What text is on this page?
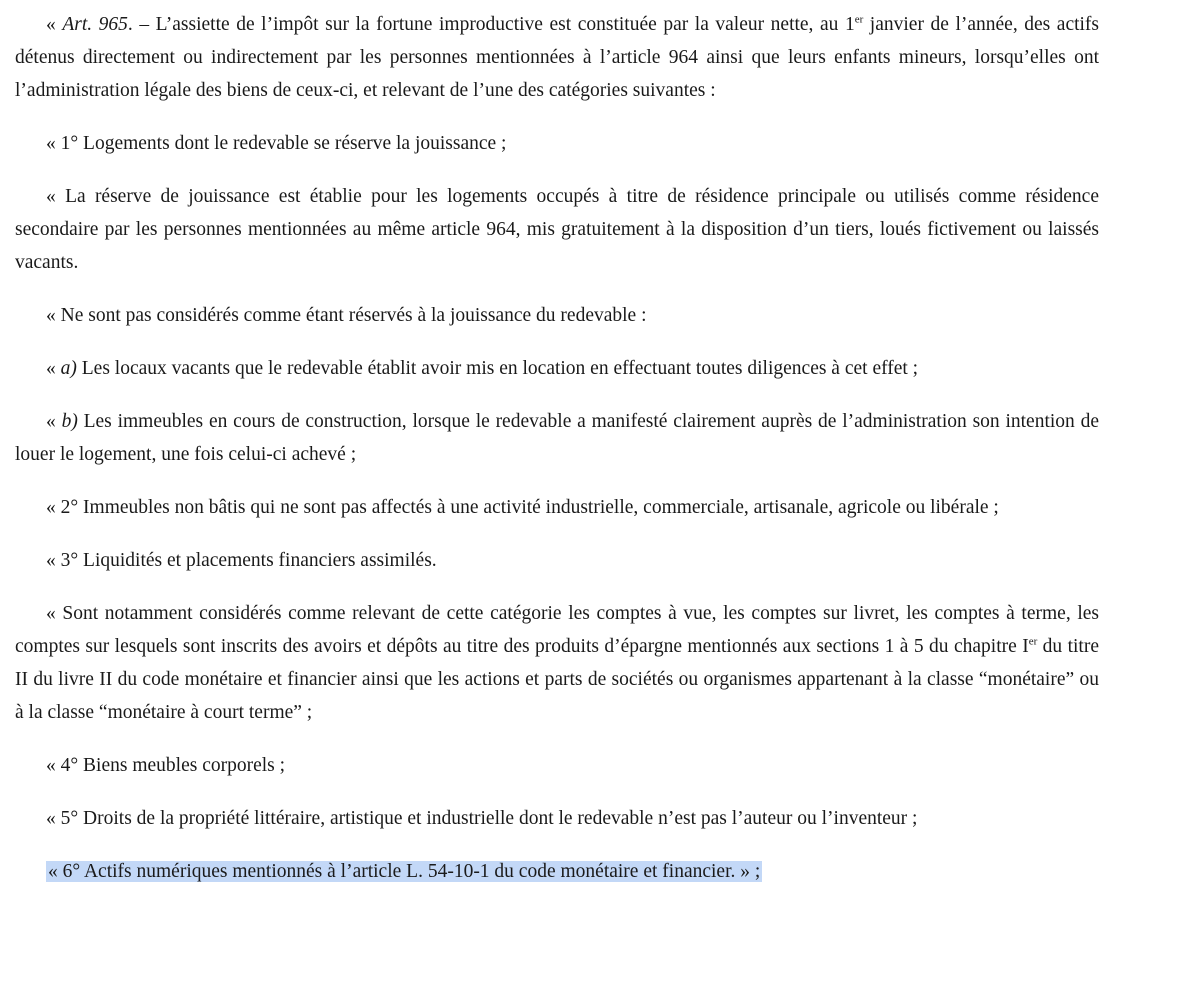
« Art. 965. – L’assiette de l’impôt sur la fortune improductive est constituée par la valeur nette, au 1er janvier de l’année, des actifs détenus directement ou indirectement par les personnes mentionnées à l’article 964 ainsi que leurs enfants mineurs, lorsqu’elles ont l’administration légale des biens de ceux-ci, et relevant de l’une des catégories suivantes :

« 1° Logements dont le redevable se réserve la jouissance ;

« La réserve de jouissance est établie pour les logements occupés à titre de résidence principale ou utilisés comme résidence secondaire par les personnes mentionnées au même article 964, mis gratuitement à la disposition d’un tiers, loués fictivement ou laissés vacants.

« Ne sont pas considérés comme étant réservés à la jouissance du redevable :

« a) Les locaux vacants que le redevable établit avoir mis en location en effectuant toutes diligences à cet effet ;

« b) Les immeubles en cours de construction, lorsque le redevable a manifesté clairement auprès de l’administration son intention de louer le logement, une fois celui-ci achevé ;

« 2° Immeubles non bâtis qui ne sont pas affectés à une activité industrielle, commerciale, artisanale, agricole ou libérale ;

« 3° Liquidités et placements financiers assimilés.

« Sont notamment considérés comme relevant de cette catégorie les comptes à vue, les comptes sur livret, les comptes à terme, les comptes sur lesquels sont inscrits des avoirs et dépôts au titre des produits d’épargne mentionnés aux sections 1 à 5 du chapitre Ier du titre II du livre II du code monétaire et financier ainsi que les actions et parts de sociétés ou organismes appartenant à la classe “monétaire” ou à la classe “monétaire à court terme” ;

« 4° Biens meubles corporels ;

« 5° Droits de la propriété littéraire, artistique et industrielle dont le redevable n’est pas l’auteur ou l’inventeur ;

« 6° Actifs numériques mentionnés à l’article L. 54-10-1 du code monétaire et financier. » ;
